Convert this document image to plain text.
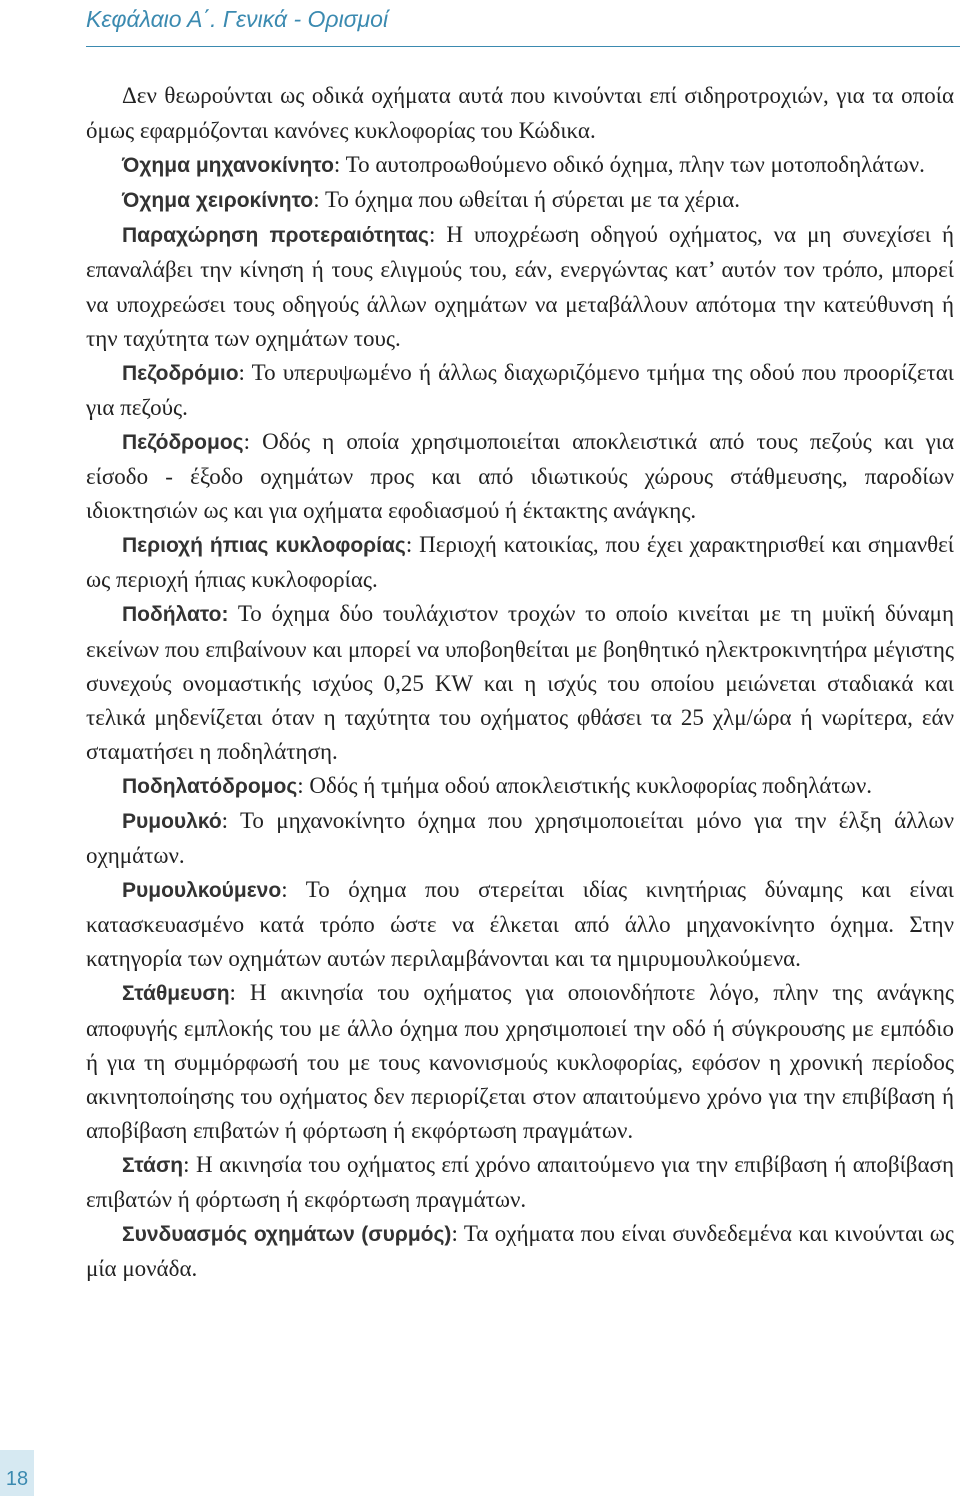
Κεφάλαιο Α΄. Γενικά - Ορισμοί

Δεν θεωρούνται ως οδικά οχήματα αυτά που κινούνται επί σιδηροτροχιών, για τα οποία όμως εφαρμόζονται κανόνες κυκλοφορίας του Κώδικα.

Όχημα μηχανοκίνητο: Το αυτοπροωθούμενο οδικό όχημα, πλην των μοτοποδηλάτων.

Όχημα χειροκίνητο: Το όχημα που ωθείται ή σύρεται με τα χέρια.

Παραχώρηση προτεραιότητας: Η υποχρέωση οδηγού οχήματος, να μη συνεχίσει ή επαναλάβει την κίνηση ή τους ελιγμούς του, εάν, ενεργώντας κατ’ αυτόν τον τρόπο, μπορεί να υποχρεώσει τους οδηγούς άλλων οχημάτων να μεταβάλλουν απότομα την κατεύθυνση ή την ταχύτητα των οχημάτων τους.

Πεζοδρόμιο: Το υπερυψωμένο ή άλλως διαχωριζόμενο τμήμα της οδού που προορίζεται για πεζούς.

Πεζόδρομος: Οδός η οποία χρησιμοποιείται αποκλειστικά από τους πεζούς και για είσοδο - έξοδο οχημάτων προς και από ιδιωτικούς χώρους στάθμευσης, παροδίων ιδιοκτησιών ως και για οχήματα εφοδιασμού ή έκτακτης ανάγκης.

Περιοχή ήπιας κυκλοφορίας: Περιοχή κατοικίας, που έχει χαρακτηρισθεί και σημανθεί ως περιοχή ήπιας κυκλοφορίας.

Ποδήλατο: Το όχημα δύο τουλάχιστον τροχών το οποίο κινείται με τη μυϊκή δύναμη εκείνων που επιβαίνουν και μπορεί να υποβοηθείται με βοηθητικό ηλεκτροκινητήρα μέγιστης συνεχούς ονομαστικής ισχύος 0,25 KW και η ισχύς του οποίου μειώνεται σταδιακά και τελικά μηδενίζεται όταν η ταχύτητα του οχήματος φθάσει τα 25 χλμ/ώρα ή νωρίτερα, εάν σταματήσει η ποδηλάτηση.

Ποδηλατόδρομος: Οδός ή τμήμα οδού αποκλειστικής κυκλοφορίας ποδηλάτων.

Ρυμουλκό: Το μηχανοκίνητο όχημα που χρησιμοποιείται μόνο για την έλξη άλλων οχημάτων.

Ρυμουλκούμενο: Το όχημα που στερείται ιδίας κινητήριας δύναμης και είναι κατασκευασμένο κατά τρόπο ώστε να έλκεται από άλλο μηχανοκίνητο όχημα. Στην κατηγορία των οχημάτων αυτών περιλαμβάνονται και τα ημιρυμουλκούμενα.

Στάθμευση: Η ακινησία του οχήματος για οποιονδήποτε λόγο, πλην της ανάγκης αποφυγής εμπλοκής του με άλλο όχημα που χρησιμοποιεί την οδό ή σύγκρουσης με εμπόδιο ή για τη συμμόρφωσή του με τους κανονισμούς κυκλοφορίας, εφόσον η χρονική περίοδος ακινητοποίησης του οχήματος δεν περιορίζεται στον απαιτούμενο χρόνο για την επιβίβαση ή αποβίβαση επιβατών ή φόρτωση ή εκφόρτωση πραγμάτων.

Στάση: Η ακινησία του οχήματος επί χρόνο απαιτούμενο για την επιβίβαση ή αποβίβαση επιβατών ή φόρτωση ή εκφόρτωση πραγμάτων.

Συνδυασμός οχημάτων (συρμός): Τα οχήματα που είναι συνδεδεμένα και κινούνται ως μία μονάδα.

18
